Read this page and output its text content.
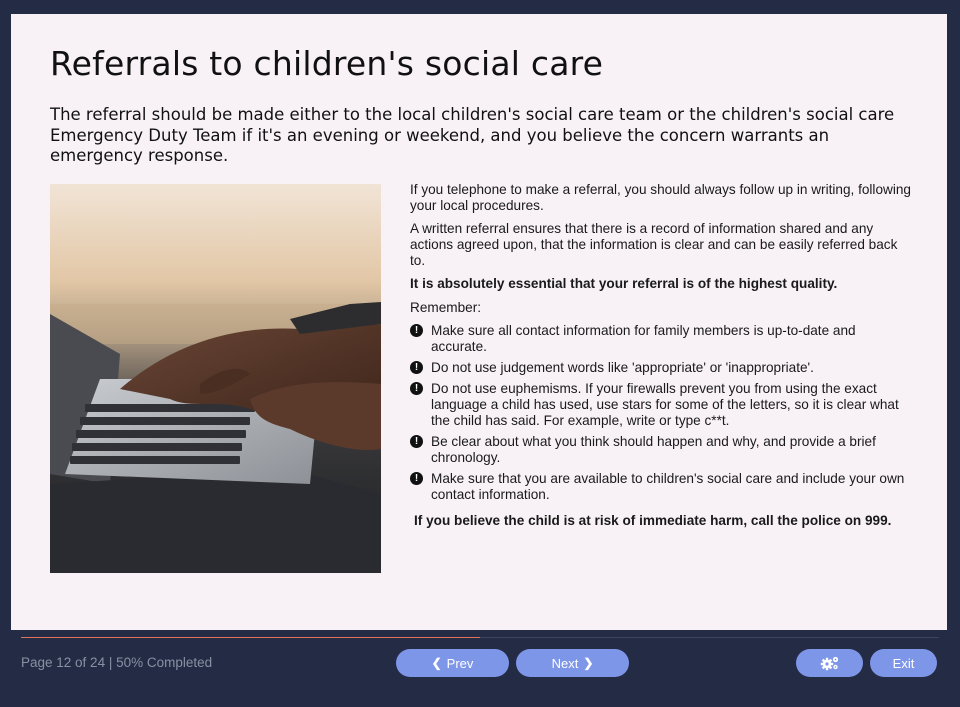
Referrals to children's social care

The referral should be made either to the local children's social care team or the children's social care Emergency Duty Team if it's an evening or weekend, and you believe the concern warrants an emergency response.

If you telephone to make a referral, you should always follow up in writing, following your local procedures.

A written referral ensures that there is a record of information shared and any actions agreed upon, that the information is clear and can be easily referred back to.

It is absolutely essential that your referral is of the highest quality.

Remember:

! Make sure all contact information for family members is up-to-date and accurate.
! Do not use judgement words like 'appropriate' or 'inappropriate'.
! Do not use euphemisms. If your firewalls prevent you from using the exact language a child has used, use stars for some of the letters, so it is clear what the child has said. For example, write or type c**t.
! Be clear about what you think should happen and why, and provide a brief chronology.
! Make sure that you are available to children's social care and include your own contact information.

If you believe the child is at risk of immediate harm, call the police on 999.

Page 12 of 24 | 50% Completed	❮ Prev	Next ❯	Exit
